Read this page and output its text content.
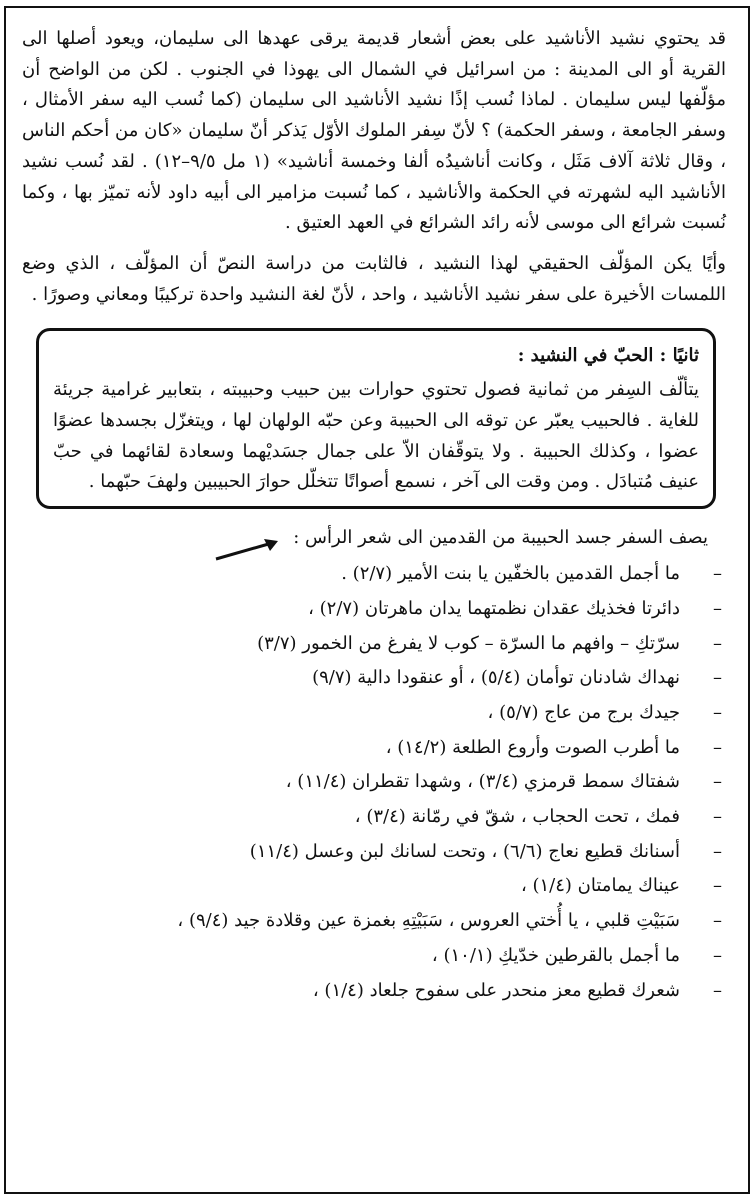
قد يحتوي نشيد الأناشيد على بعض أشعار قديمة يرقى عهدها الى سليمان، ويعود أصلها الى القرية أو الى المدينة : من اسرائيل في الشمال الى يهوذا في الجنوب . لكن من الواضح أن مؤلّفها ليس سليمان . لماذا نُسب إذًا نشيد الأناشيد الى سليمان (كما نُسب اليه سفر الأمثال ، وسفر الجامعة ، وسفر الحكمة) ؟ لأنّ سِفر الملوك الأوّل يَذكر أنّ سليمان «كان من أحكم الناس ، وقال ثلاثة آلاف مَثَل ، وكانت أناشيدُه ألفا وخمسة أناشيد» (١ مل ٩/٥–١٢) . لقد نُسب نشيد الأناشيد اليه لشهرته في الحكمة والأناشيد ، كما نُسبت مزامير الى أبيه داود لأنه تميّز بها ، وكما نُسبت شرائع الى موسى لأنه رائد الشرائع في العهد العتيق .

وأيًا يكن المؤلّف الحقيقي لهذا النشيد ، فالثابت من دراسة النصّ أن المؤلّف ، الذي وضع اللمسات الأخيرة على سفر نشيد الأناشيد ، واحد ، لأنّ لغة النشيد واحدة تركيبًا ومعاني وصورًا .

ثانيًا : الحبّ في النشيد :

يتألّف السِفر من ثمانية فصول تحتوي حوارات بين حبيب وحبيبته ، بتعابير غرامية جريئة للغاية . فالحبيب يعبّر عن توقه الى الحبيبة وعن حبّه الولهان لها ، ويتغزّل بجسدها عضوًا عضوا ، وكذلك الحبيبة . ولا يتوقّفان الاّ على جمال جسَديْهما وسعادة لقائهما في حبّ عنيف مُتبادَل . ومن وقت الى آخر ، نسمع أصواتًا تتخلّل حوارَ الحبيبين ولهفَ حبّهما .

يصف السفر جسد الحبيبة من القدمين الى شعر الرأس :
–
ما أجمل القدمين بالخفّين يا بنت الأمير (٢/٧) .
–
دائرتا فخذيك عقدان نظمتهما يدان ماهرتان (٢/٧) ،
–
سرّتكِ – وافهم ما السرّة – كوب لا يفرغ من الخمور (٣/٧)
–
نهداك شادنان توأمان (٥/٤) ، أو عنقودا دالية (٩/٧)
–
جيدك برج من عاج (٥/٧) ،
–
ما أطرب الصوت وأروع الطلعة (١٤/٢) ،
–
شفتاك سمط قرمزي (٣/٤) ، وشهدا تقطران (١١/٤) ،
–
فمك ، تحت الحجاب ، شقّ في رمّانة (٣/٤) ،
–
أسنانك قطيع نعاج (٦/٦) ، وتحت لسانك لبن وعسل (١١/٤)
–
عيناك يمامتان (١/٤) ،
–
سَبَيْتِ قلبي ، يا أُختي العروس ، سَبَيْتِهِ بغمزة عين وقلادة جيد (٩/٤) ،
–
ما أجمل بالقرطين خدّيكِ (١٠/١) ،
–
شعرك قطيع معز منحدر على سفوح جلعاد (١/٤) ،
